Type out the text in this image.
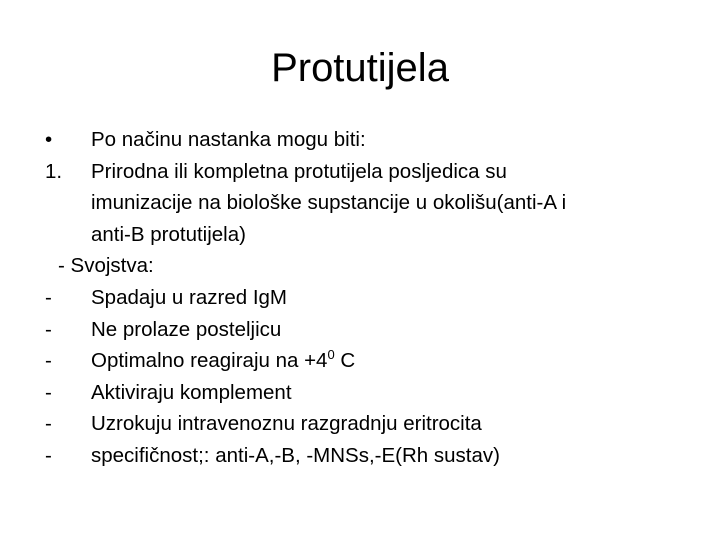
Protutijela
• Po načinu nastanka mogu biti:
1. Prirodna ili kompletna protutijela posljedica su
imunizacije na biološke supstancije u okolišu(anti-A i
anti-B protutijela)
- Svojstva:
- Spadaju u razred IgM
- Ne prolaze posteljicu
- Optimalno reagiraju na $+4^0$ C
- Aktiviraju komplement
- Uzrokuju intravenoznu razgradnju eritrocita
- specifičnost;: anti-A,-B, -MNSs,-E(Rh sustav)
